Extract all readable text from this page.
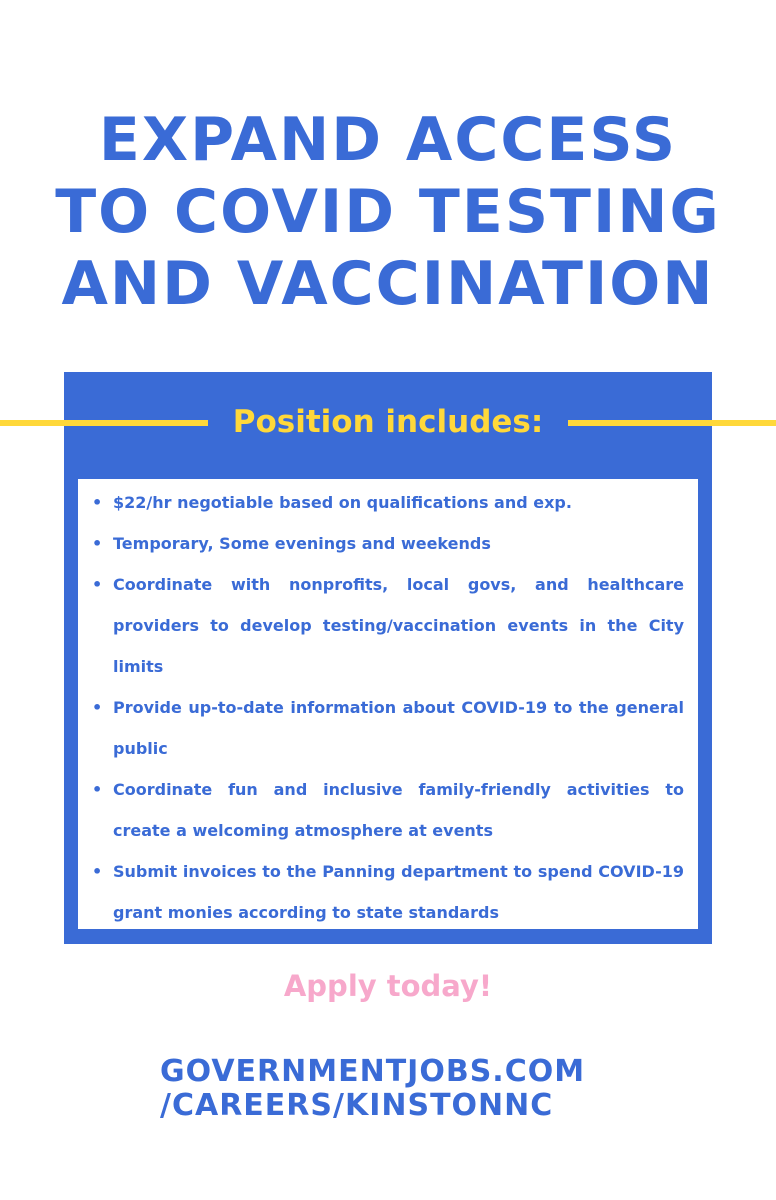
EXPAND ACCESS
TO COVID TESTING
AND VACCINATION
Position includes:
• $22/hr negotiable based on qualifications and exp.
• Temporary, Some evenings and weekends
• Coordinate with nonprofits, local govs, and healthcare providers to develop testing/vaccination events in the City limits
• Provide up-to-date information about COVID-19 to the general public
• Coordinate fun and inclusive family-friendly activities to create a welcoming atmosphere at events
• Submit invoices to the Panning department to spend COVID-19 grant monies according to state standards

Apply today!

GOVERNMENTJOBS.COM
/CAREERS/KINSTONNC
